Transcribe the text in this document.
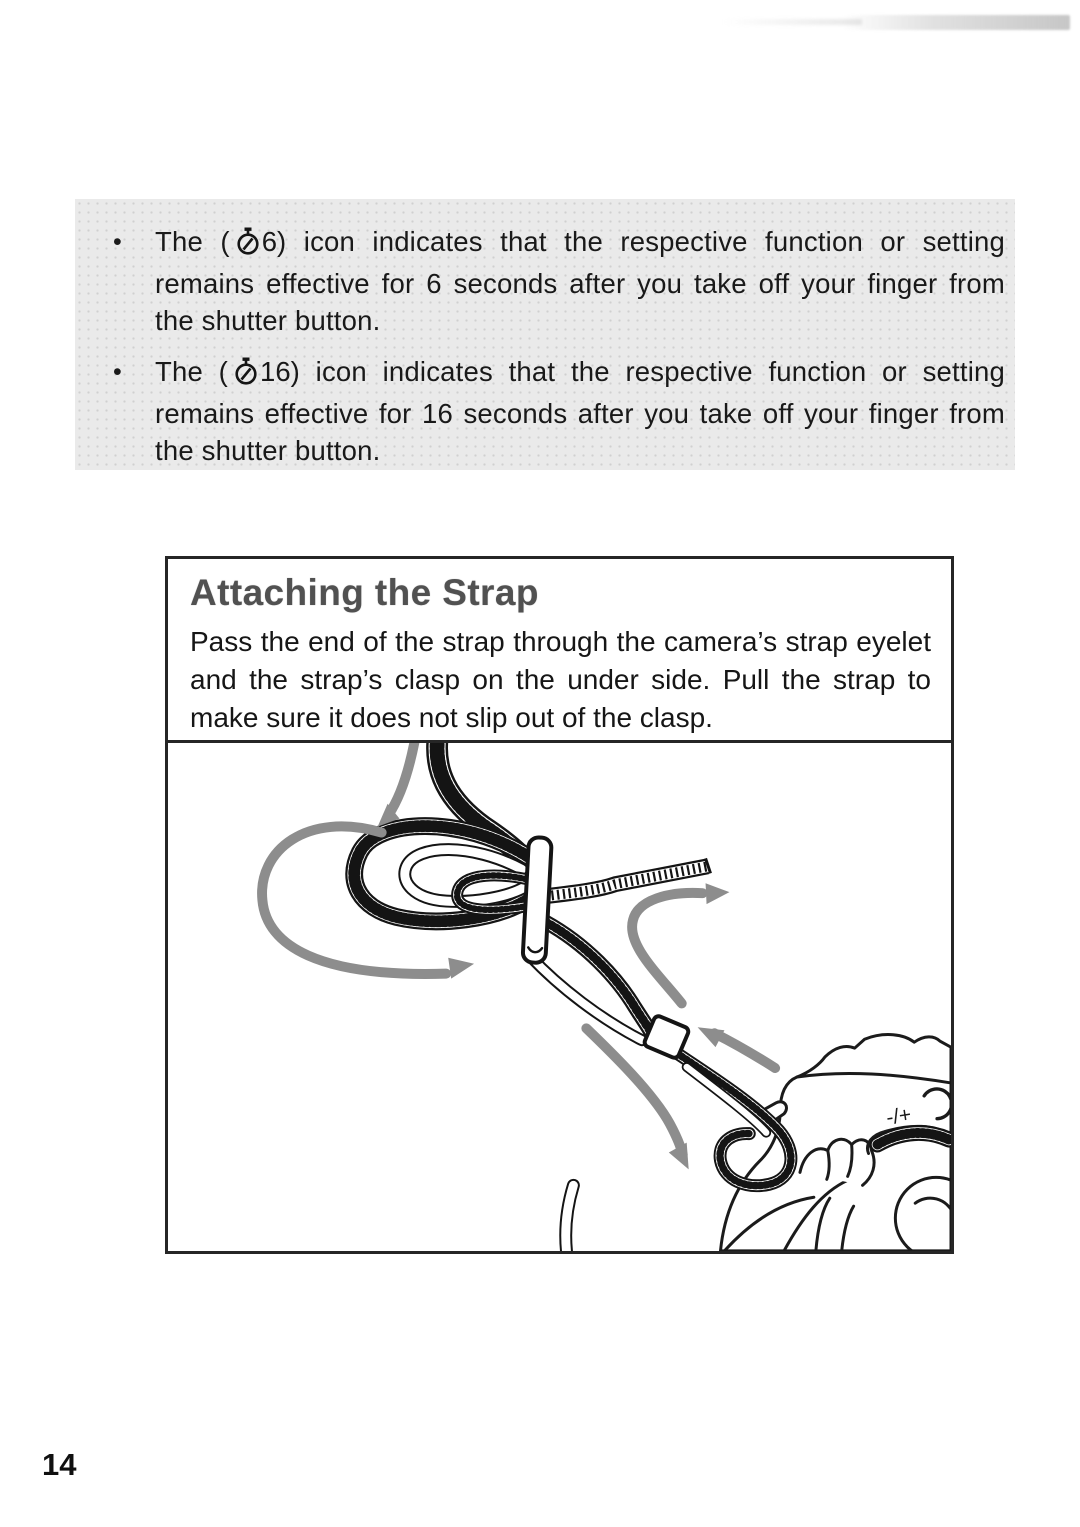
•	The ( 6) icon indicates that the respective function or setting remains effective for 6 seconds after you take off your finger from the shutter button.

•	The ( 16) icon indicates that the respective function or setting remains effective for 16 seconds after you take off your finger from the shutter button.

Attaching the Strap

Pass the end of the strap through the camera’s strap eyelet and the strap’s clasp on the under side. Pull the strap to make sure it does not slip out of the clasp.

-/+
14
